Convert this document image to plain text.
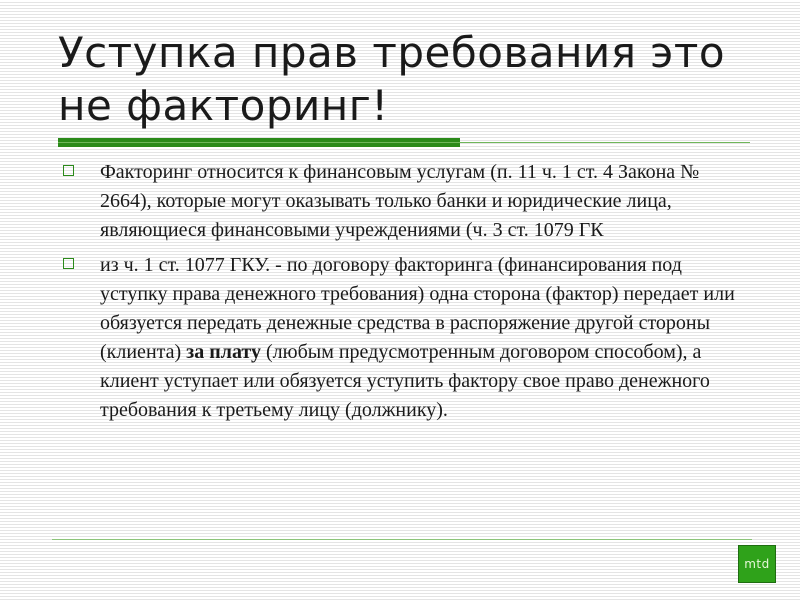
Уступка прав требования это не факторинг!
Факторинг относится к финансовым услугам (п. 11 ч. 1 ст. 4 Закона № 2664), которые могут оказывать только банки и юридические лица, являющиеся финансовыми учреждениями (ч. 3 ст. 1079 ГК
из ч. 1 ст. 1077 ГКУ. - по договору факторинга (финансирования под уступку права денежного требования) одна сторона (фактор) передает или обязуется передать денежные средства в распоряжение другой стороны (клиента) за плату (любым предусмотренным договором способом), а клиент уступает или обязуется уступить фактору свое право денежного требования к третьему лицу (должнику).
mtd
